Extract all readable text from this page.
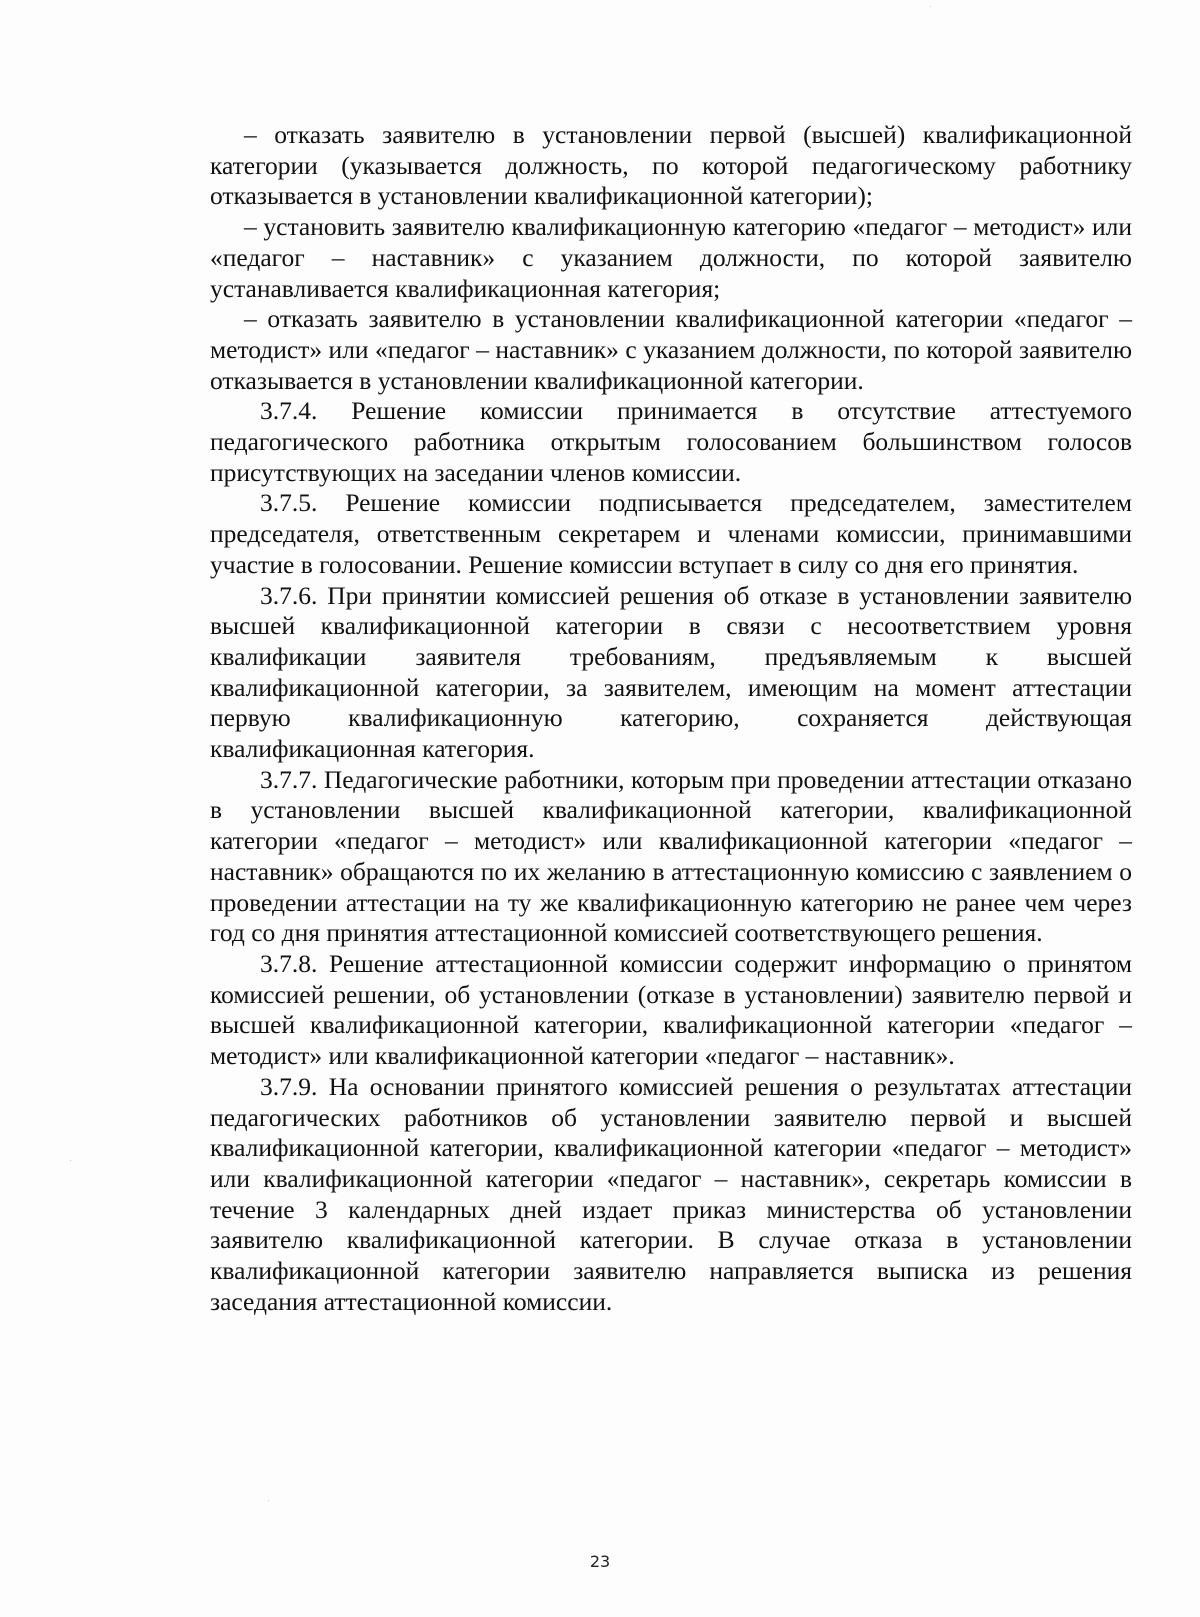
– отказать заявителю в установлении первой (высшей) квалификационной категории (указывается должность, по которой педагогическому работнику отказывается в установлении квалификационной категории);

– установить заявителю квалификационную категорию «педагог – методист» или «педагог – наставник» с указанием должности, по которой заявителю устанавливается квалификационная категория;

– отказать заявителю в установлении квалификационной категории «педагог – методист» или «педагог – наставник» с указанием должности, по которой заявителю отказывается в установлении квалификационной категории.

3.7.4. Решение комиссии принимается в отсутствие аттестуемого педагогического работника открытым голосованием большинством голосов присутствующих на заседании членов комиссии.

3.7.5. Решение комиссии подписывается председателем, заместителем председателя, ответственным секретарем и членами комиссии, принимавшими участие в голосовании. Решение комиссии вступает в силу со дня его принятия.

3.7.6. При принятии комиссией решения об отказе в установлении заявителю высшей квалификационной категории в связи с несоответствием уровня квалификации заявителя требованиям, предъявляемым к высшей квалификационной категории, за заявителем, имеющим на момент аттестации первую квалификационную категорию, сохраняется действующая квалификационная категория.

3.7.7. Педагогические работники, которым при проведении аттестации отказано в установлении высшей квалификационной категории, квалификационной категории «педагог – методист» или квалификационной категории «педагог – наставник» обращаются по их желанию в аттестационную комиссию с заявлением о проведении аттестации на ту же квалификационную категорию не ранее чем через год со дня принятия аттестационной комиссией соответствующего решения.

3.7.8. Решение аттестационной комиссии содержит информацию о принятом комиссией решении, об установлении (отказе в установлении) заявителю первой и высшей квалификационной категории, квалификационной категории «педагог – методист» или квалификационной категории «педагог – наставник».

3.7.9. На основании принятого комиссией решения о результатах аттестации педагогических работников об установлении заявителю первой и высшей квалификационной категории, квалификационной категории «педагог – методист» или квалификационной категории «педагог – наставник», секретарь комиссии в течение 3 календарных дней издает приказ министерства об установлении заявителю квалификационной категории. В случае отказа в установлении квалификационной категории заявителю направляется выписка из решения заседания аттестационной комиссии.

23
